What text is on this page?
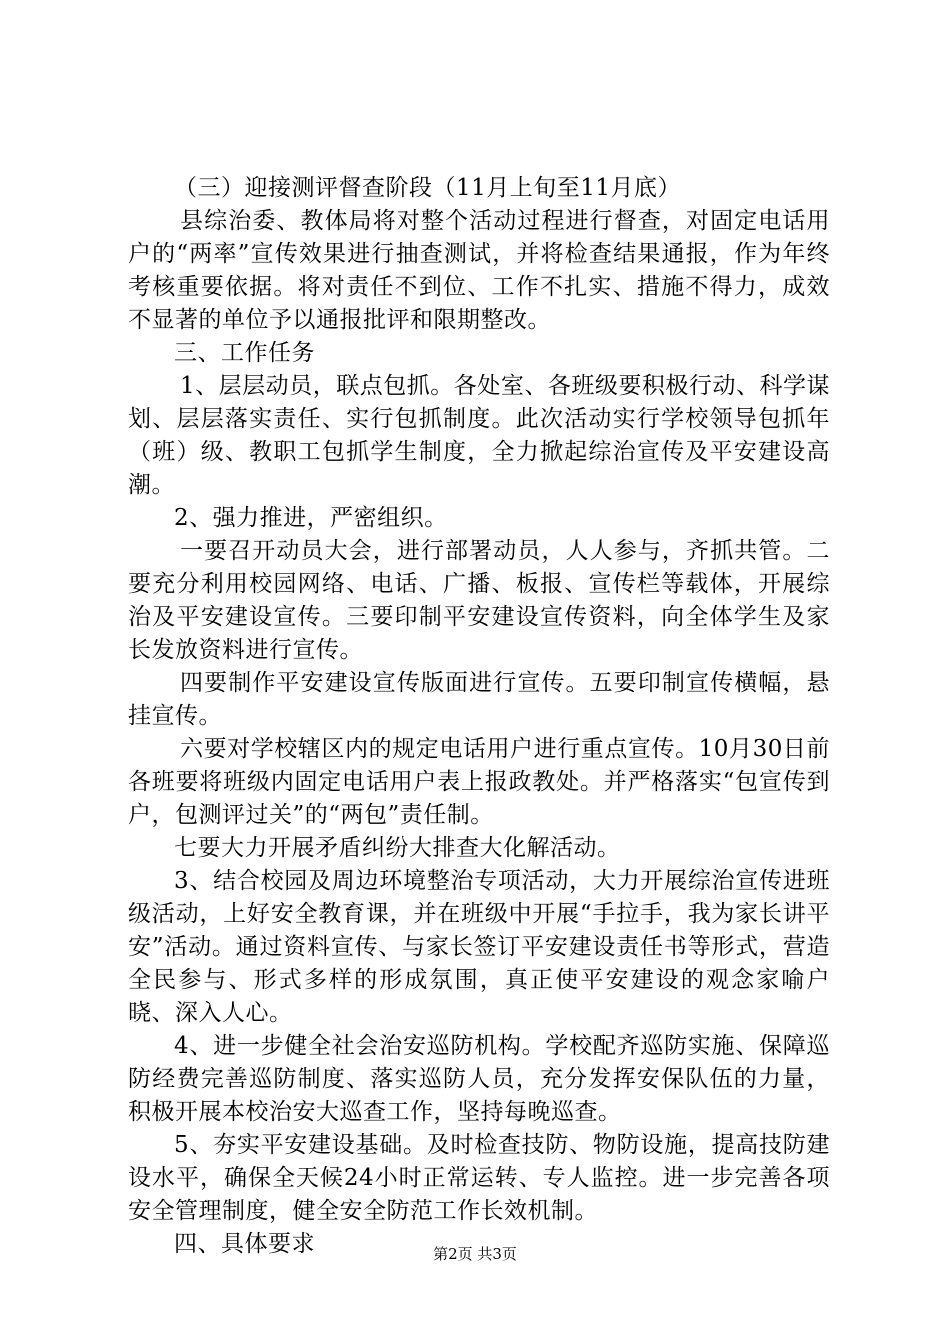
（三）迎接测评督查阶段（11月上旬至11月底）

县综治委、教体局将对整个活动过程进行督查，对固定电话用户的“两率”宣传效果进行抽查测试，并将检查结果通报，作为年终考核重要依据。将对责任不到位、工作不扎实、措施不得力，成效不显著的单位予以通报批评和限期整改。

三、工作任务

1、层层动员，联点包抓。各处室、各班级要积极行动、科学谋划、层层落实责任、实行包抓制度。此次活动实行学校领导包抓年（班）级、教职工包抓学生制度，全力掀起综治宣传及平安建设高潮。

2、强力推进，严密组织。

一要召开动员大会，进行部署动员，人人参与，齐抓共管。二要充分利用校园网络、电话、广播、板报、宣传栏等载体，开展综治及平安建设宣传。三要印制平安建设宣传资料，向全体学生及家长发放资料进行宣传。

四要制作平安建设宣传版面进行宣传。五要印制宣传横幅，悬挂宣传。

六要对学校辖区内的规定电话用户进行重点宣传。10月30日前各班要将班级内固定电话用户表上报政教处。并严格落实“包宣传到户，包测评过关”的“两包”责任制。

七要大力开展矛盾纠纷大排查大化解活动。

3、结合校园及周边环境整治专项活动，大力开展综治宣传进班级活动，上好安全教育课，并在班级中开展“手拉手，我为家长讲平安”活动。通过资料宣传、与家长签订平安建设责任书等形式，营造全民参与、形式多样的形成氛围，真正使平安建设的观念家喻户晓、深入人心。

4、进一步健全社会治安巡防机构。学校配齐巡防实施、保障巡防经费完善巡防制度、落实巡防人员，充分发挥安保队伍的力量，积极开展本校治安大巡查工作，坚持每晚巡查。

5、夯实平安建设基础。及时检查技防、物防设施，提高技防建设水平，确保全天候24小时正常运转、专人监控。进一步完善各项安全管理制度，健全安全防范工作长效机制。

四、具体要求	第2页 共3页
